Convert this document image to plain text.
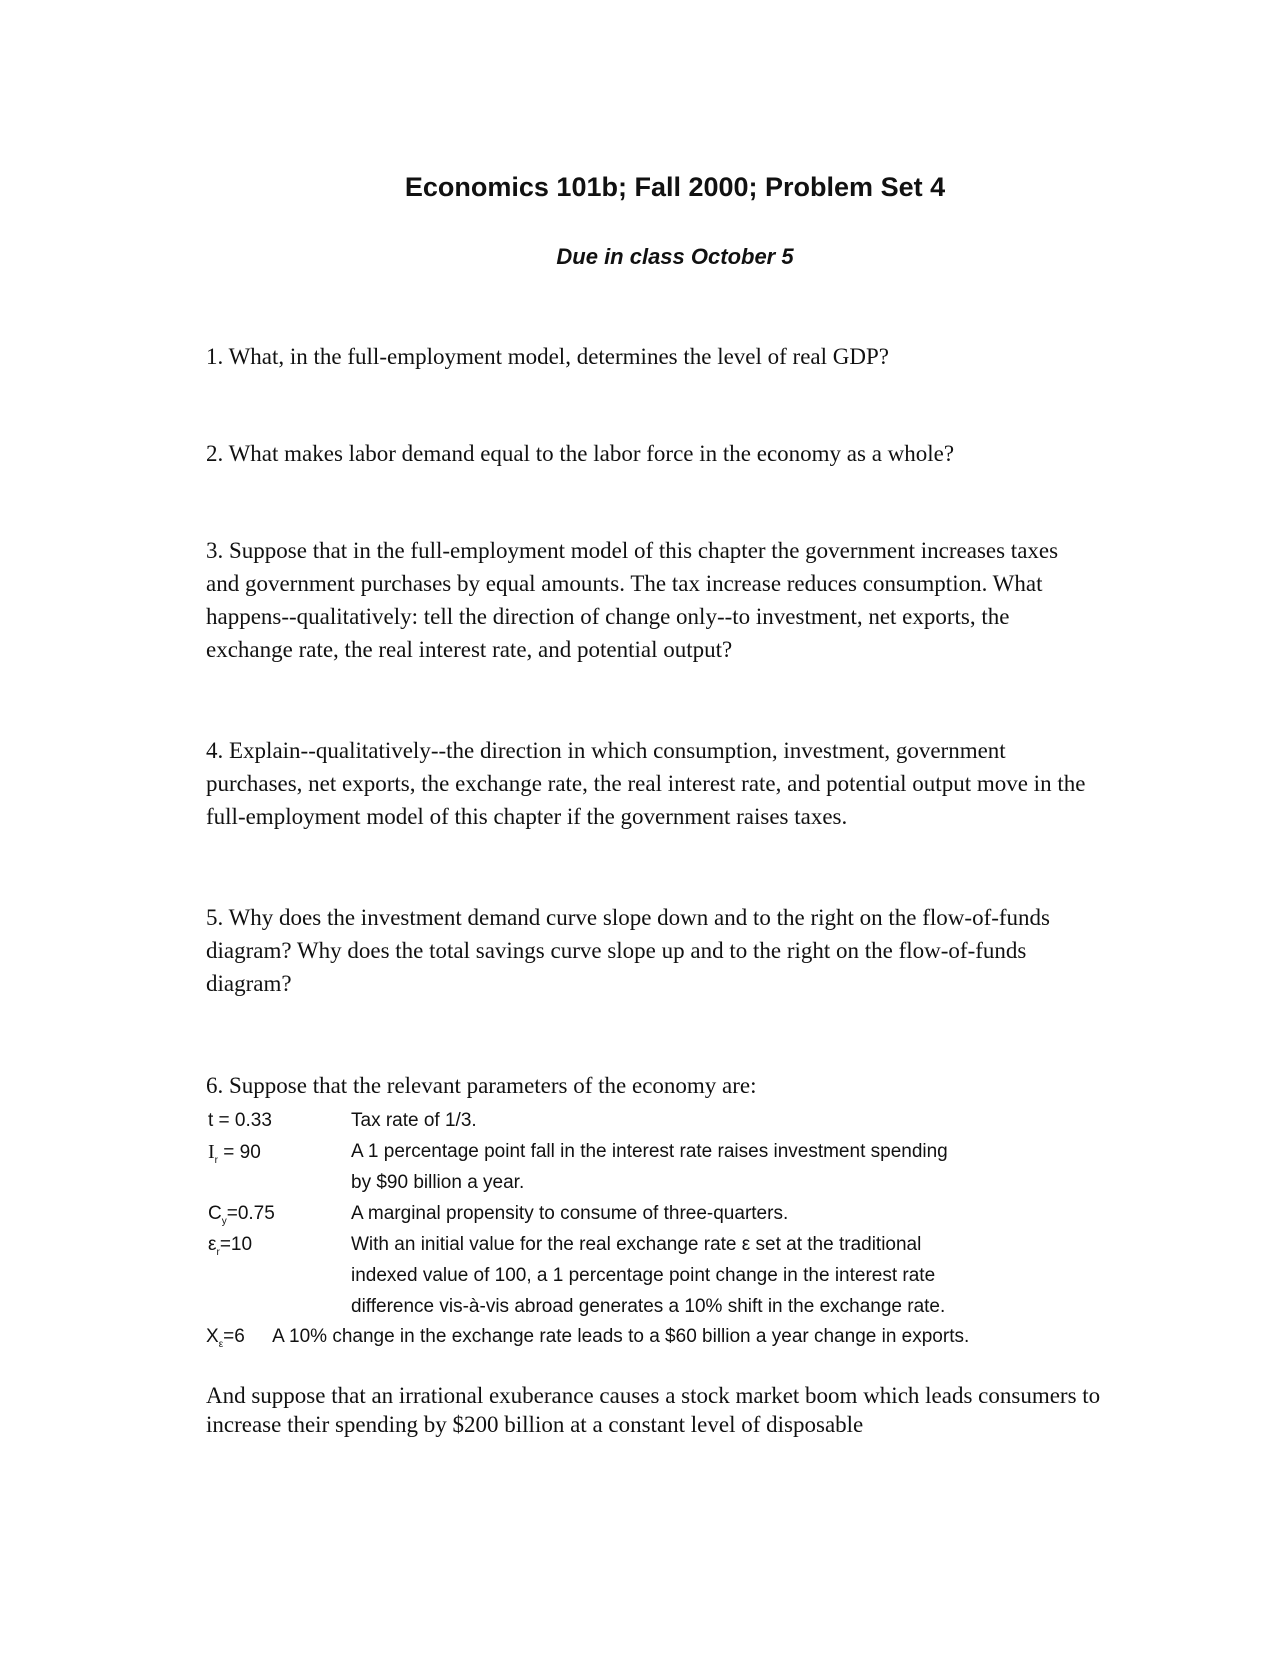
Economics 101b; Fall 2000; Problem Set 4
Due in class October 5
1. What, in the full-employment model, determines the level of real GDP?
2. What makes labor demand equal to the labor force in the economy as a whole?
3. Suppose that in the full-employment model of this chapter the government increases taxes and government purchases by equal amounts. The tax increase reduces consumption. What happens--qualitatively: tell the direction of change only--to investment, net exports, the exchange rate, the real interest rate, and potential output?
4. Explain--qualitatively--the direction in which consumption, investment, government purchases, net exports, the exchange rate, the real interest rate, and potential output move in the full-employment model of this chapter if the government raises taxes.
5. Why does the investment demand curve slope down and to the right on the flow-of-funds diagram? Why does the total savings curve slope up and to the right on the flow-of-funds diagram?
6. Suppose that the relevant parameters of the economy are:
t = 0.33	Tax rate of 1/3.
$I_r = 90$	A 1 percentage point fall in the interest rate raises investment spending
by $90 billion a year.
$C_y=0.75$	A marginal propensity to consume of three-quarters.
$\varepsilon_r=10$	With an initial value for the real exchange rate ε set at the traditional
indexed value of 100, a 1 percentage point change in the interest rate
difference vis-à-vis abroad generates a 10% shift in the exchange rate.
$X_\varepsilon=6$ A 10% change in the exchange rate leads to a $60 billion a year change in exports.
And suppose that an irrational exuberance causes a stock market boom which leads consumers to increase their spending by $200 billion at a constant level of disposable
